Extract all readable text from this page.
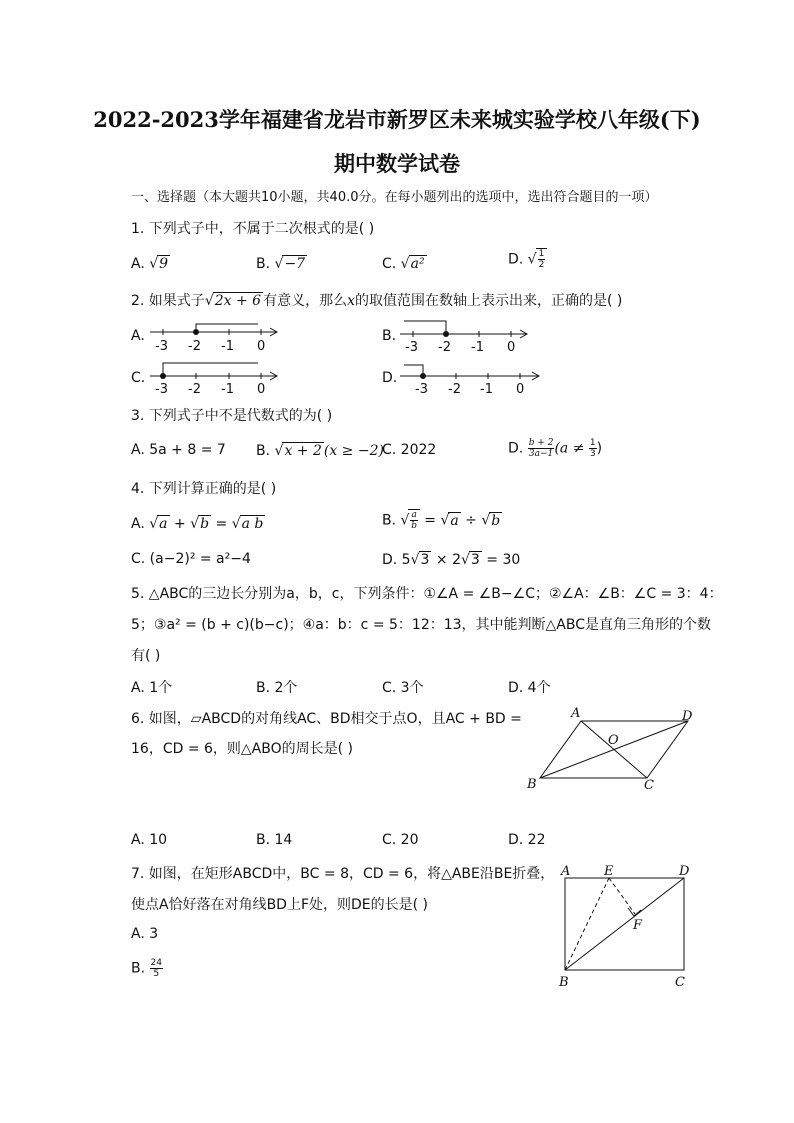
2022-2023学年福建省龙岩市新罗区未来城实验学校八年级(下)
期中数学试卷
一、选择题（本大题共10小题，共40.0分。在每小题列出的选项中，选出符合题目的一项）
1. 下列式子中，不属于二次根式的是( )
A. √9	B. √−7	C. √a²	D. √ $\frac{1}{2}$
2. 如果式子√2x + 6 有意义，那么x的取值范围在数轴上表示出来，正确的是( )
A.
-3 -2 -1 0
B.
-3 -2 -1 0
C.
-3 -2 -1 0
D.
-3 -2 -1 0
3. 下列式子中不是代数式的为( )
A. 5a + 8 = 7 B. √x + 2 (x ≥ −2)
C. 2022	D. $\frac{b + 2}{3a-1} (a \ne \frac{1}{3}$ )
4. 下列计算正确的是( )
A. √a + √b = √a b	B. √ $\frac{a}{b} = √a \div √b$
C. (a−2)² = a²−4	D. 5√3 × 2√3 = 30
5. △ABC的三边长分别为a，b，c，下列条件：①∠A = ∠B−∠C；②∠A：∠B：∠C = 3：4：
5；③a² = (b + c)(b−c)；④a：b：c = 5：12：13，其中能判断△ABC是直角三角形的个数
有( )
A. 1个	B. 2个	C. 3个	D. 4个
6. 如图，▱ABCD的对角线AC、BD相交于点O，且AC + BD =
16，CD = 6，则△ABO的周长是( )
A	D
O
B	C
A. 10	B. 14	C. 20	D. 22
7. 如图，在矩形ABCD中，BC = 8，CD = 6，将△ABE沿BE折叠，
使点A恰好落在对角线BD上F处，则DE的长是( )
A	E	D
F
B	C
A. 3
B. $\frac{24}{5}$
